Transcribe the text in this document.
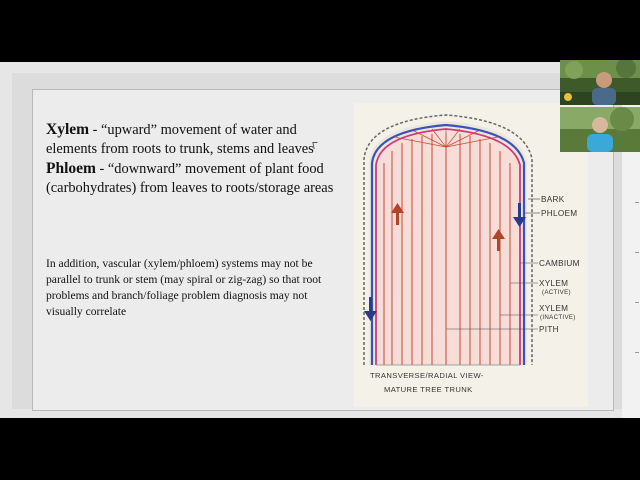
Xylem - “upward” movement of water and elements from roots to trunk, stems and leaves
Phloem - “downward” movement of plant food (carbohydrates) from leaves to roots/storage areas

In addition, vascular (xylem/phloem) systems may not be parallel to trunk or stem (may spiral or zig-zag) so that root problems and branch/foliage problem diagnosis may not visually correlate

BARK
PHLOEM
CAMBIUM
XYLEM
(ACTIVE)
XYLEM
(INACTIVE)
PITH
TRANSVERSE/RADIAL VIEW-
MATURE TREE TRUNK
